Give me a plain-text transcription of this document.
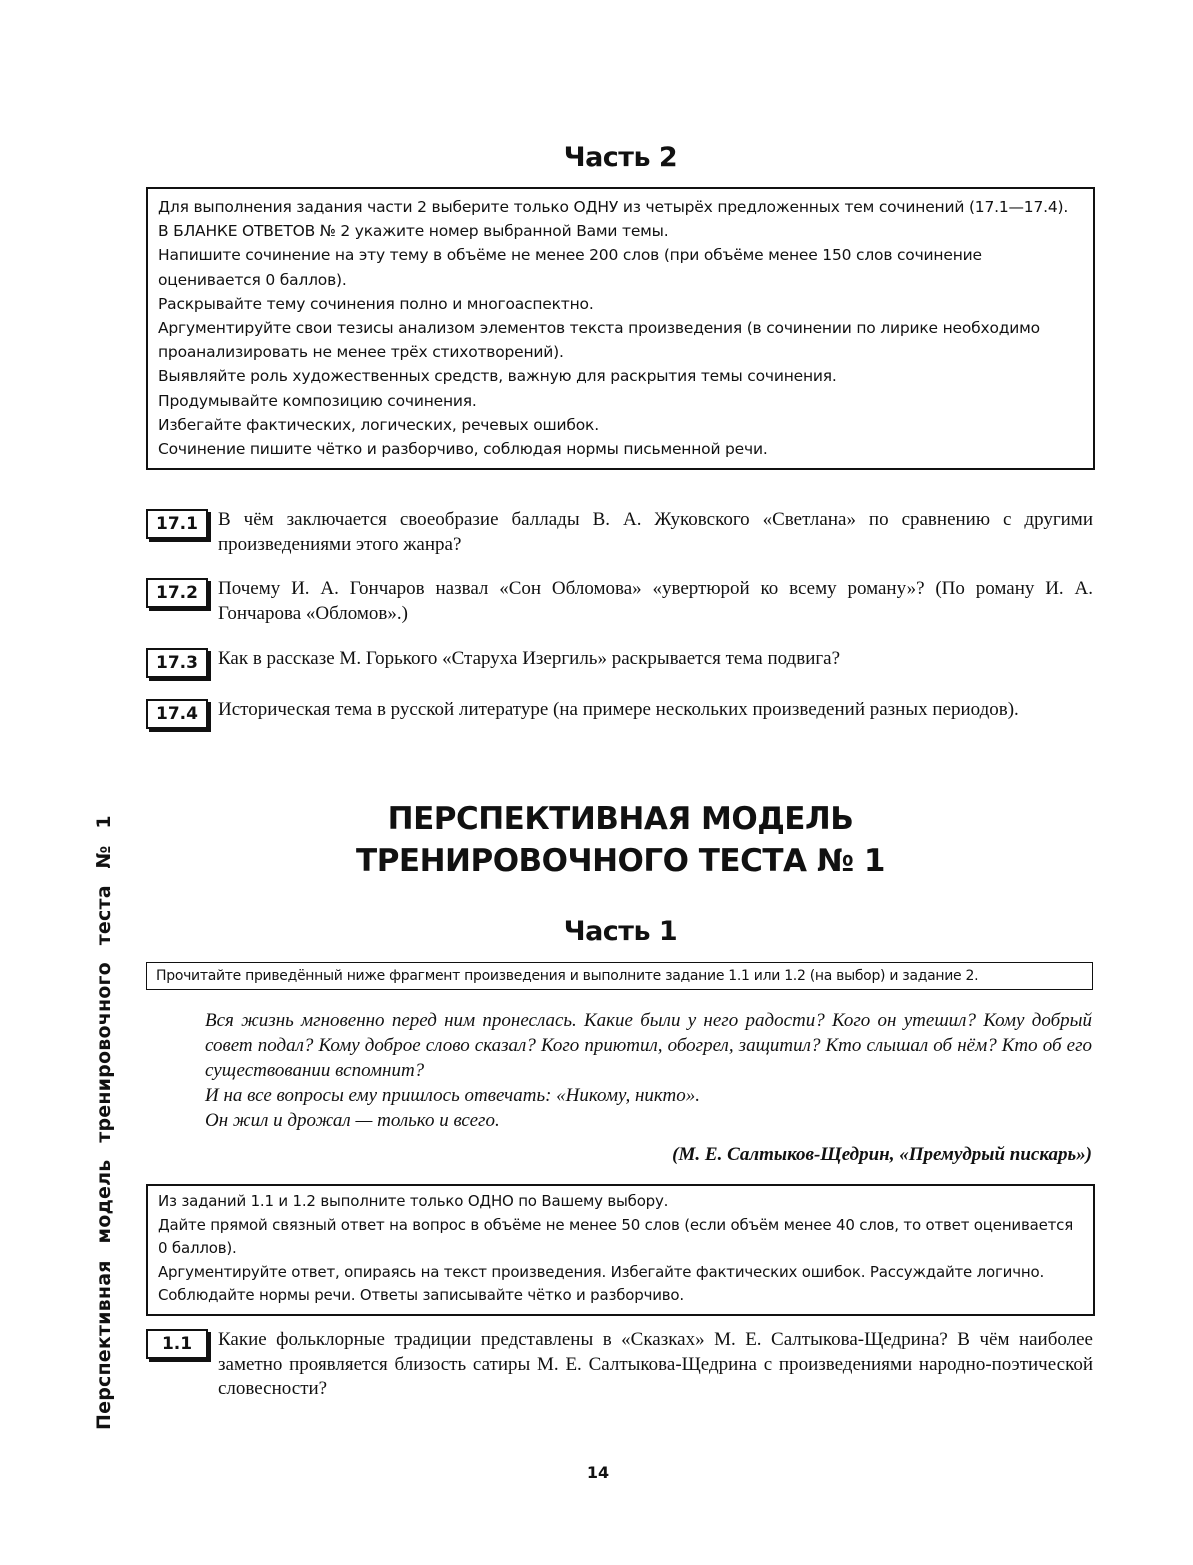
Перспективная модель тренировочного теста № 1
Часть 2

Для выполнения задания части 2 выберите только ОДНУ из четырёх предложенных тем сочинений (17.1—17.4).

В БЛАНКЕ ОТВЕТОВ № 2 укажите номер выбранной Вами темы.

Напишите сочинение на эту тему в объёме не менее 200 слов (при объёме менее 150 слов сочинение оценивается 0 баллов).

Раскрывайте тему сочинения полно и многоаспектно.

Аргументируйте свои тезисы анализом элементов текста произведения (в сочинении по лирике необходимо проанализировать не менее трёх стихотворений).

Выявляйте роль художественных средств, важную для раскрытия темы сочинения.

Продумывайте композицию сочинения.

Избегайте фактических, логических, речевых ошибок.

Сочинение пишите чётко и разборчиво, соблюдая нормы письменной речи.

17.1	В чём заключается своеобразие баллады В. А. Жуковского «Светлана» по сравнению с другими произведениями этого жанра?
17.2	Почему И. А. Гончаров назвал «Сон Обломова» «увертюрой ко всему роману»? (По роману И. А. Гончарова «Обломов».)
17.3	Как в рассказе М. Горького «Старуха Изергиль» раскрывается тема подвига?
17.4	Историческая тема в русской литературе (на примере нескольких произведений разных периодов).
ПЕРСПЕКТИВНАЯ МОДЕЛЬ
ТРЕНИРОВОЧНОГО ТЕСТА № 1
Часть 1
Прочитайте приведённый ниже фрагмент произведения и выполните задание 1.1 или 1.2 (на выбор) и задание 2.

Вся жизнь мгновенно перед ним пронеслась. Какие были у него радости? Кого он утешил? Кому добрый совет подал? Кому доброе слово сказал? Кого приютил, обогрел, защитил? Кто слышал об нём? Кто об его существовании вспомнит?

И на все вопросы ему пришлось отвечать: «Никому, никто».

Он жил и дрожал — только и всего.

(М. Е. Салтыков-Щедрин, «Премудрый пискарь»)

Из заданий 1.1 и 1.2 выполните только ОДНО по Вашему выбору.

Дайте прямой связный ответ на вопрос в объёме не менее 50 слов (если объём менее 40 слов, то ответ оценивается 0 баллов).

Аргументируйте ответ, опираясь на текст произведения. Избегайте фактических ошибок. Рассуждайте логично.

Соблюдайте нормы речи. Ответы записывайте чётко и разборчиво.

1.1	Какие фольклорные традиции представлены в «Сказках» М. Е. Салтыкова-Щедрина? В чём наиболее заметно проявляется близость сатиры М. Е. Салтыкова-Щедрина с произведениями народно-поэтической словесности?
14
